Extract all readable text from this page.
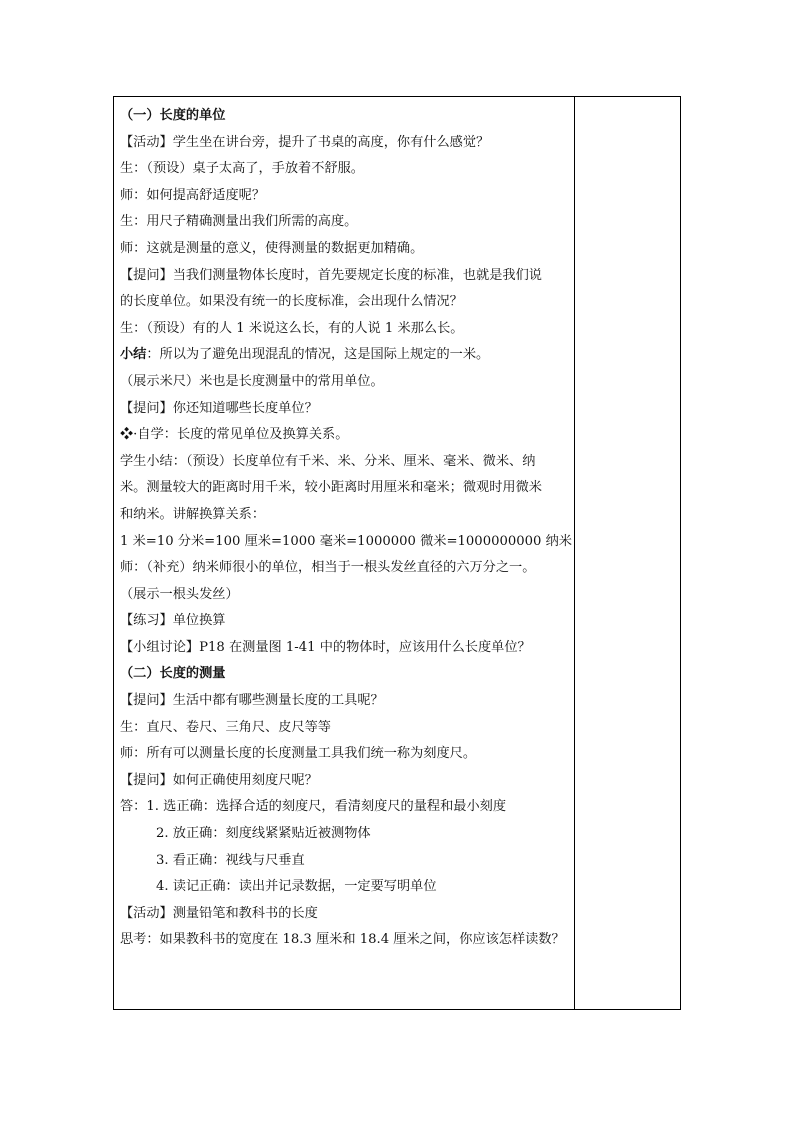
（一）长度的单位
【活动】学生坐在讲台旁，提升了书桌的高度，你有什么感觉？
生：（预设）桌子太高了，手放着不舒服。
师：如何提高舒适度呢？
生：用尺子精确测量出我们所需的高度。
师：这就是测量的意义，使得测量的数据更加精确。
【提问】当我们测量物体长度时，首先要规定长度的标准，也就是我们说
的长度单位。如果没有统一的长度标准，会出现什么情况？
生：（预设）有的人 1 米说这么长，有的人说 1 米那么长。
小结：所以为了避免出现混乱的情况，这是国际上规定的一米。
（展示米尺）米也是长度测量中的常用单位。
【提问】你还知道哪些长度单位？
❖·自学：长度的常见单位及换算关系。
学生小结：（预设）长度单位有千米、米、分米、厘米、毫米、微米、纳
米。测量较大的距离时用千米，较小距离时用厘米和毫米；微观时用微米
和纳米。讲解换算关系：
1 米=10 分米=100 厘米=1000 毫米=1000000 微米=1000000000 纳米
师：（补充）纳米师很小的单位，相当于一根头发丝直径的六万分之一。
（展示一根头发丝）
【练习】单位换算
【小组讨论】P18 在测量图 1-41 中的物体时，应该用什么长度单位？
（二）长度的测量
【提问】生活中都有哪些测量长度的工具呢？
生：直尺、卷尺、三角尺、皮尺等等
师：所有可以测量长度的长度测量工具我们统一称为刻度尺。
【提问】如何正确使用刻度尺呢？
答：1. 选正确：选择合适的刻度尺，看清刻度尺的量程和最小刻度
2. 放正确：刻度线紧紧贴近被测物体
3. 看正确：视线与尺垂直
4. 读记正确：读出并记录数据，一定要写明单位
【活动】测量铅笔和教科书的长度
思考：如果教科书的宽度在 18.3 厘米和 18.4 厘米之间，你应该怎样读数？
